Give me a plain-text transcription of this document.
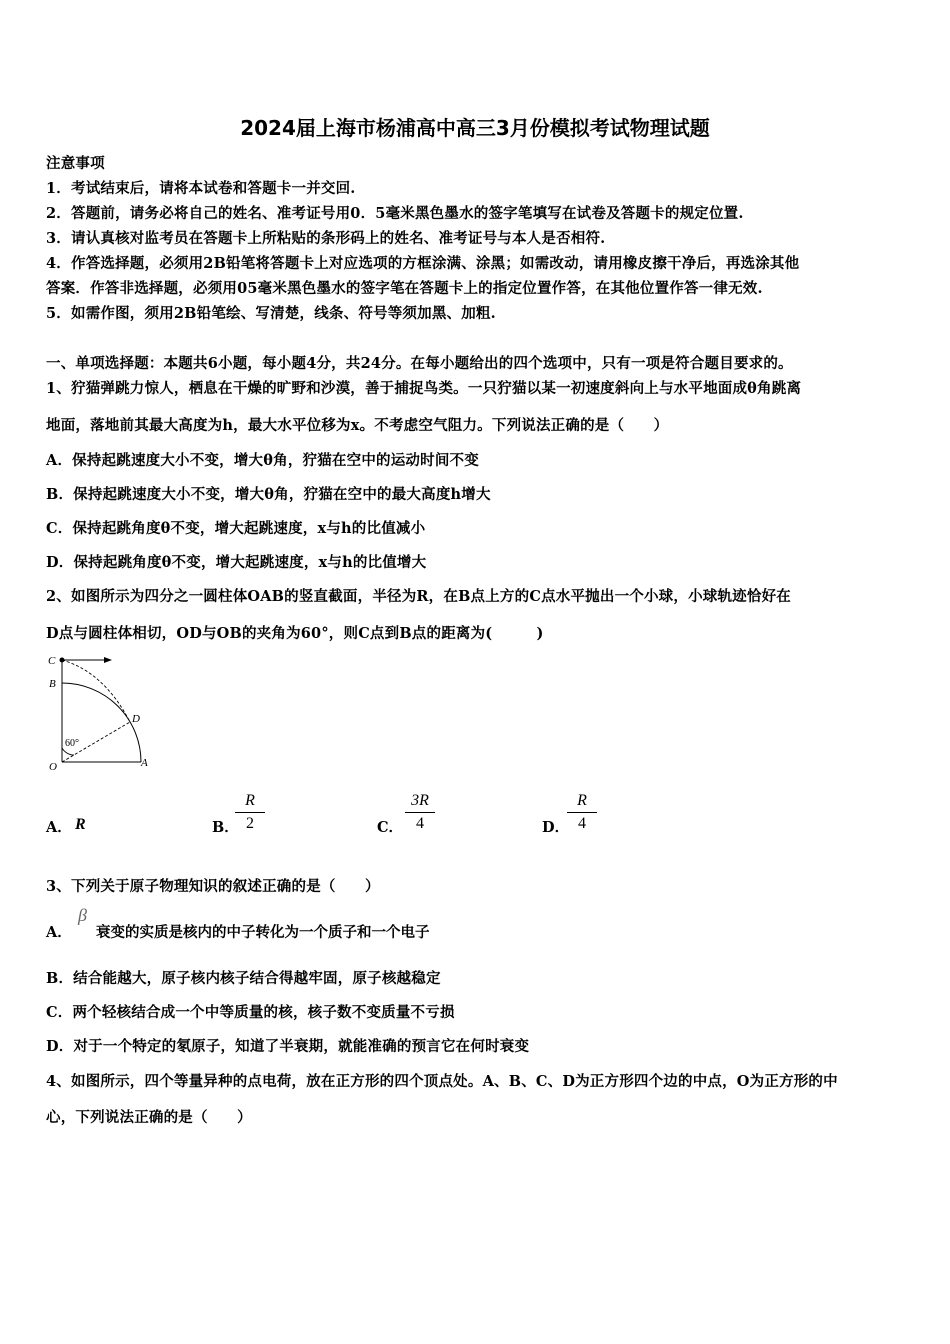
2024届上海市杨浦高中高三3月份模拟考试物理试题
注意事项
1．考试结束后，请将本试卷和答题卡一并交回.
2．答题前，请务必将自己的姓名、准考证号用0．5毫米黑色墨水的签字笔填写在试卷及答题卡的规定位置.
3．请认真核对监考员在答题卡上所粘贴的条形码上的姓名、准考证号与本人是否相符.
4．作答选择题，必须用2B铅笔将答题卡上对应选项的方框涂满、涂黑；如需改动，请用橡皮擦干净后，再选涂其他
答案．作答非选择题，必须用05毫米黑色墨水的签字笔在答题卡上的指定位置作答，在其他位置作答一律无效.
5．如需作图，须用2B铅笔绘、写清楚，线条、符号等须加黑、加粗.
一、单项选择题：本题共6小题，每小题4分，共24分。在每小题给出的四个选项中，只有一项是符合题目要求的。
1、狞猫弹跳力惊人，栖息在干燥的旷野和沙漠，善于捕捉鸟类。一只狞猫以某一初速度斜向上与水平地面成θ角跳离
地面，落地前其最大高度为h，最大水平位移为x。不考虑空气阻力。下列说法正确的是（　　）
A．保持起跳速度大小不变，增大θ角，狞猫在空中的运动时间不变
B．保持起跳速度大小不变，增大θ角，狞猫在空中的最大高度h增大
C．保持起跳角度θ不变，增大起跳速度，x与h的比值减小
D．保持起跳角度θ不变，增大起跳速度，x与h的比值增大
2、如图所示为四分之一圆柱体OAB的竖直截面，半径为R，在B点上方的C点水平抛出一个小球，小球轨迹恰好在
D点与圆柱体相切，OD与OB的夹角为60°，则C点到B点的距离为(　　　)
C
B
D
O	A
60°
A． R	B．
$\frac{R}{2}$	C． $\frac{3R}{4}$	D．
$\frac{R}{4}$
3、下列关于原子物理知识的叙述正确的是（　　）
A．
β
衰变的实质是核内的中子转化为一个质子和一个电子
B．结合能越大，原子核内核子结合得越牢固，原子核越稳定
C．两个轻核结合成一个中等质量的核，核子数不变质量不亏损
D．对于一个特定的氡原子，知道了半衰期，就能准确的预言它在何时衰变
4、如图所示，四个等量异种的点电荷，放在正方形的四个顶点处。A、B、C、D为正方形四个边的中点，O为正方形的中
心，下列说法正确的是（　　）
